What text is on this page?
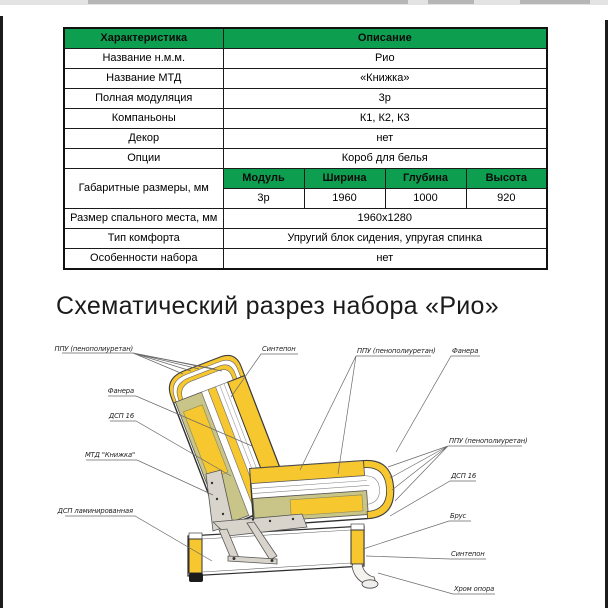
Характеристика	Описание			
Название н.м.м.	Рио			
Название МТД	«Книжка»			
Полная модуляция	3р			
Компаньоны	К1, К2, К3			
Декор	нет			
Опции	Короб для белья			
Габаритные размеры, мм	Модуль	Ширина	Глубина	Высота
	3р	1960	1000	920
Размер спального места, мм	1960x1280			
Тип комфорта	Упругий блок сидения, упругая спинка			
Особенности набора	нет			
Схематический разрез набора «Рио»
ППУ (пенополиуретан)
Фанера
ДСП 16
МТД "Книжка"
ДСП ламинированная
Синтепон	ППУ (пенополиуретан) Фанера
ППУ (пенополиуретан)
ДСП 16
Брус
Синтепон
Хром опора
